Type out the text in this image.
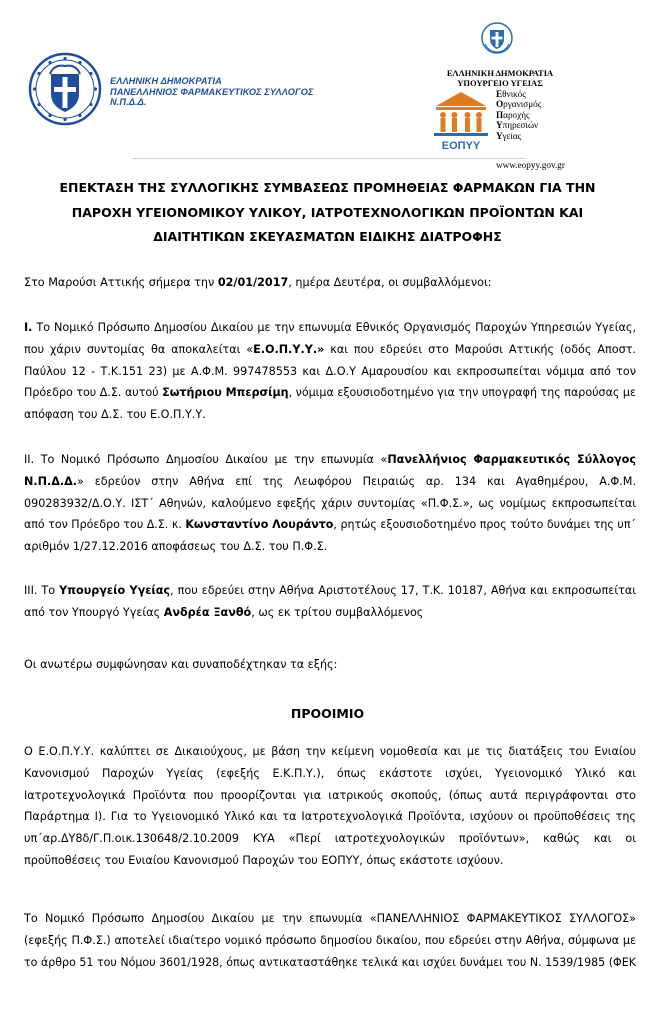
ΕΛΛΗΝΙΚΗ ΔΗΜΟΚΡΑΤΙΑ
ΠΑΝΕΛΛΗΝΙΟΣ ΦΑΡΜΑΚΕΥΤΙΚΟΣ ΣΥΛΛΟΓΟΣ
Ν.Π.Δ.Δ.
ΕΛΛΗΝΙΚΗ ΔΗΜΟΚΡΑΤΙΑ
ΥΠΟΥΡΓΕΙΟ ΥΓΕΙΑΣ
ΕΟΠΥΥ
Εθνικός
Οργανισμός
Παροχής
Υπηρεσιών
Υγείας
www.eopyy.gov.gr
ΕΠΕΚΤΑΣΗ ΤΗΣ ΣΥΛΛΟΓΙΚΗΣ ΣΥΜΒΑΣΕΩΣ ΠΡΟΜΗΘΕΙΑΣ ΦΑΡΜΑΚΩΝ ΓΙΑ ΤΗΝ
ΠΑΡΟΧΗ ΥΓΕΙΟΝΟΜΙΚΟΥ ΥΛΙΚΟΥ, ΙΑΤΡΟΤΕΧΝΟΛΟΓΙΚΩΝ ΠΡΟΪΟΝΤΩΝ ΚΑΙ
ΔΙΑΙΤΗΤΙΚΩΝ ΣΚΕΥΑΣΜΑΤΩΝ ΕΙΔΙΚΗΣ ΔΙΑΤΡΟΦΗΣ
Στο Μαρούσι Αττικής σήμερα την 02/01/2017, ημέρα Δευτέρα, οι συμβαλλόμενοι:
Ι. Το Νομικό Πρόσωπο Δημοσίου Δικαίου με την επωνυμία Εθνικός Οργανισμός Παροχών Υπηρεσιών Υγείας,
που χάριν συντομίας θα αποκαλείται «Ε.Ο.Π.Υ.Υ.» και που εδρεύει στο Μαρούσι Αττικής (οδός Αποστ.
Παύλου 12 - Τ.Κ.151 23) με Α.Φ.Μ. 997478553 και Δ.Ο.Υ Αμαρουσίου και εκπροσωπείται νόμιμα από τον
Πρόεδρο του Δ.Σ. αυτού Σωτήριου Μπερσίμη, νόμιμα εξουσιοδοτημένο για την υπογραφή της παρούσας με
απόφαση του Δ.Σ. του Ε.Ο.Π.Υ.Υ.
ΙΙ. Το Νομικό Πρόσωπο Δημοσίου Δικαίου με την επωνυμία «Πανελλήνιος Φαρμακευτικός Σύλλογος
Ν.Π.Δ.Δ.» εδρεύον στην Αθήνα επί της Λεωφόρου Πειραιώς αρ. 134 και Αγαθημέρου, Α.Φ.Μ.
090283932/Δ.Ο.Υ. ΙΣΤ΄ Αθηνών, καλούμενο εφεξής χάριν συντομίας «Π.Φ.Σ.», ως νομίμως εκπροσωπείται
από τον Πρόεδρο του Δ.Σ. κ. Κωνσταντίνο Λουράντο, ρητώς εξουσιοδοτημένο προς τούτο δυνάμει της υπ΄
αριθμόν 1/27.12.2016 αποφάσεως του Δ.Σ. του Π.Φ.Σ.
ΙΙΙ. Το Υπουργείο Υγείας, που εδρεύει στην Αθήνα Αριστοτέλους 17, Τ.Κ. 10187, Αθήνα και εκπροσωπείται
από τον Υπουργό Υγείας Ανδρέα Ξανθό, ως εκ τρίτου συμβαλλόμενος
Οι ανωτέρω συμφώνησαν και συναποδέχτηκαν τα εξής:
ΠΡΟΟΙΜΙΟ
Ο Ε.Ο.Π.Υ.Υ. καλύπτει σε Δικαιούχους, με βάση την κείμενη νομοθεσία και με τις διατάξεις του Ενιαίου
Κανονισμού Παροχών Υγείας (εφεξής Ε.Κ.Π.Υ.), όπως εκάστοτε ισχύει, Υγειονομικό Υλικό και
Ιατροτεχνολογικά Προϊόντα που προορίζονται για ιατρικούς σκοπούς, (όπως αυτά περιγράφονται στο
Παράρτημα Ι). Για το Υγειονομικό Υλικό και τα Ιατροτεχνολογικά Προϊόντα, ισχύουν οι προϋποθέσεις της
υπ΄αρ.ΔΥ8δ/Γ.Π.οικ.130648/2.10.2009 ΚΥΑ «Περί ιατροτεχνολογικών προϊόντων», καθώς και οι
προϋποθέσεις του Ενιαίου Κανονισμού Παροχών του ΕΟΠΥΥ, όπως εκάστοτε ισχύουν.
Το Νομικό Πρόσωπο Δημοσίου Δικαίου με την επωνυμία «ΠΑΝΕΛΛΗΝΙΟΣ ΦΑΡΜΑΚΕΥΤΙΚΟΣ ΣΥΛΛΟΓΟΣ»
(εφεξής Π.Φ.Σ.) αποτελεί ιδιαίτερο νομικό πρόσωπο δημοσίου δικαίου, που εδρεύει στην Αθήνα, σύμφωνα με
το άρθρο 51 του Νόμου 3601/1928, όπως αντικαταστάθηκε τελικά και ισχύει δυνάμει του Ν. 1539/1985 (ΦΕΚ
